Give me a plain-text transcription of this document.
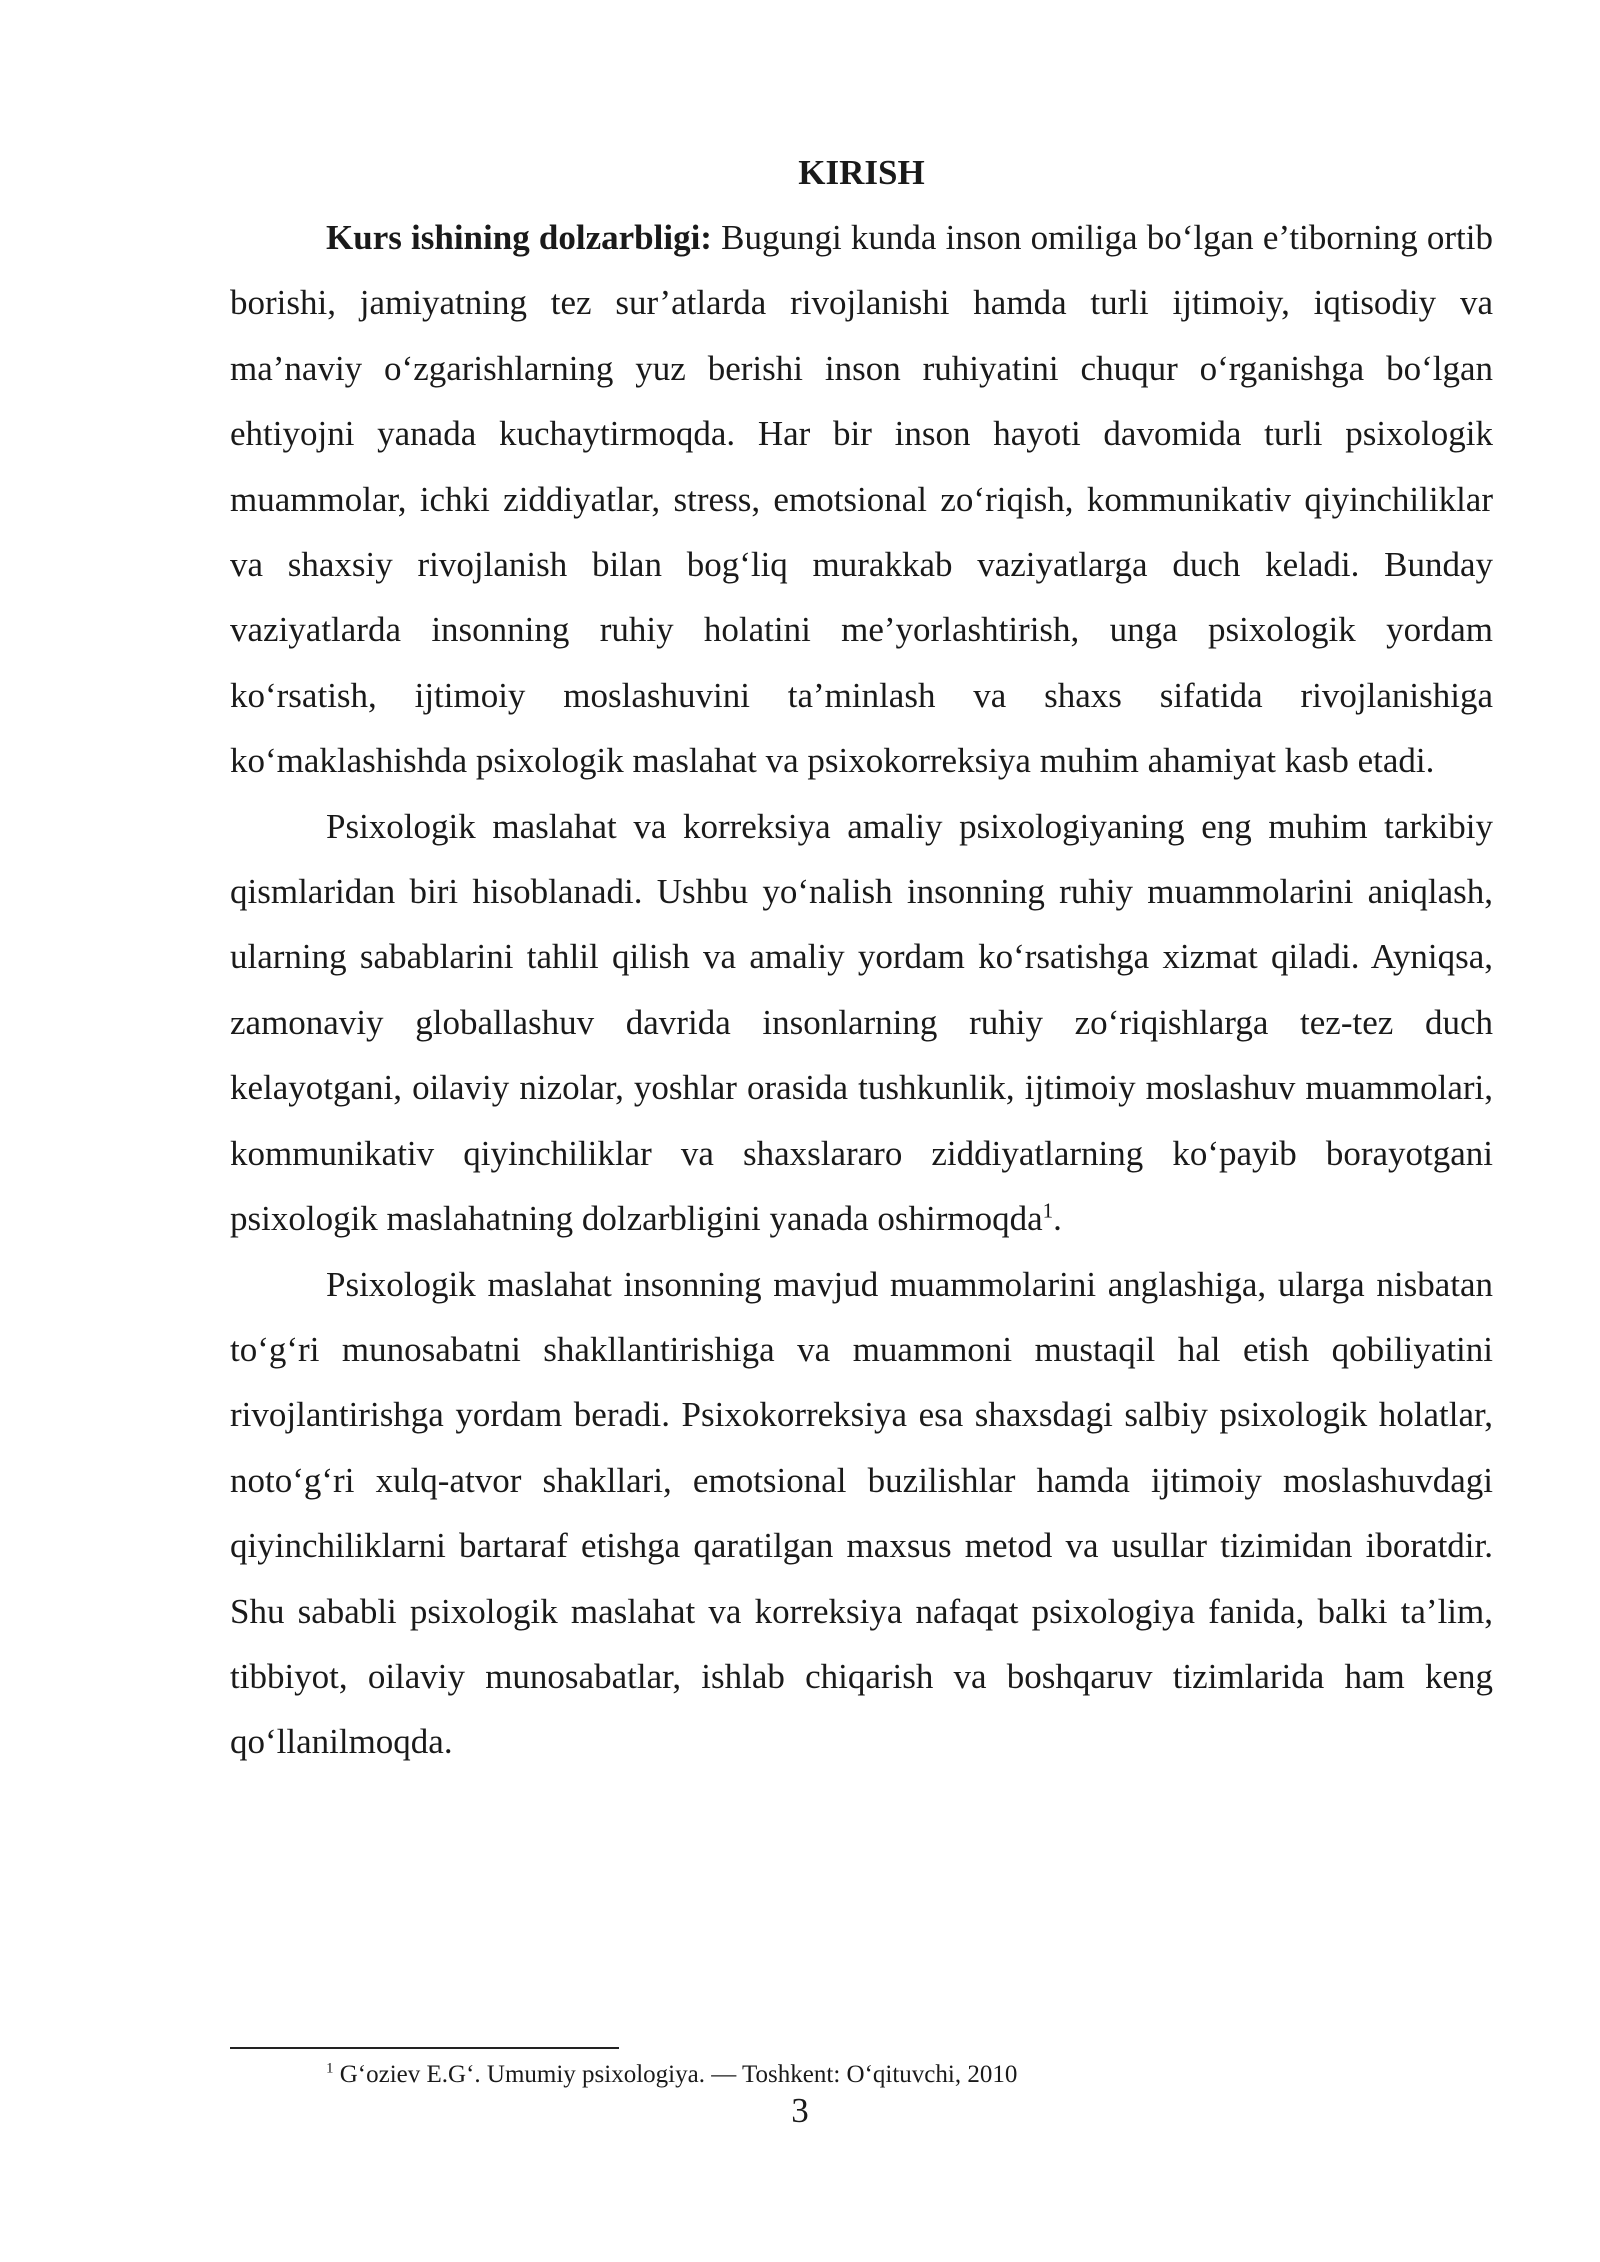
KIRISH

Kurs ishining dolzarbligi: Bugungi kunda inson omiliga bo‘lgan e’tiborning ortib borishi, jamiyatning tez sur’atlarda rivojlanishi hamda turli ijtimoiy, iqtisodiy va ma’naviy o‘zgarishlarning yuz berishi inson ruhiyatini chuqur o‘rganishga bo‘lgan ehtiyojni yanada kuchaytirmoqda. Har bir inson hayoti davomida turli psixologik muammolar, ichki ziddiyatlar, stress, emotsional zo‘riqish, kommunikativ qiyinchiliklar va shaxsiy rivojlanish bilan bog‘liq murakkab vaziyatlarga duch keladi. Bunday vaziyatlarda insonning ruhiy holatini me’yorlashtirish, unga psixologik yordam ko‘rsatish, ijtimoiy moslashuvini ta’minlash va shaxs sifatida rivojlanishiga ko‘maklashishda psixologik maslahat va psixokorreksiya muhim ahamiyat kasb etadi.

Psixologik maslahat va korreksiya amaliy psixologiyaning eng muhim tarkibiy qismlaridan biri hisoblanadi. Ushbu yo‘nalish insonning ruhiy muammolarini aniqlash, ularning sabablarini tahlil qilish va amaliy yordam ko‘rsatishga xizmat qiladi. Ayniqsa, zamonaviy globallashuv davrida insonlarning ruhiy zo‘riqishlarga tez-tez duch kelayotgani, oilaviy nizolar, yoshlar orasida tushkunlik, ijtimoiy moslashuv muammolari, kommunikativ qiyinchiliklar va shaxslararo ziddiyatlarning ko‘payib borayotgani psixologik maslahatning dolzarbligini yanada oshirmoqda$^1$.

Psixologik maslahat insonning mavjud muammolarini anglashiga, ularga nisbatan to‘g‘ri munosabatni shakllantirishiga va muammoni mustaqil hal etish qobiliyatini rivojlantirishga yordam beradi. Psixokorreksiya esa shaxsdagi salbiy psixologik holatlar, noto‘g‘ri xulq-atvor shakllari, emotsional buzilishlar hamda ijtimoiy moslashuvdagi qiyinchiliklarni bartaraf etishga qaratilgan maxsus metod va usullar tizimidan iboratdir. Shu sababli psixologik maslahat va korreksiya nafaqat psixologiya fanida, balki ta’lim, tibbiyot, oilaviy munosabatlar, ishlab chiqarish va boshqaruv tizimlarida ham keng qo‘llanilmoqda.

$^1$ G‘oziev E.G‘. Umumiy psixologiya. — Toshkent: O‘qituvchi, 2010
3
